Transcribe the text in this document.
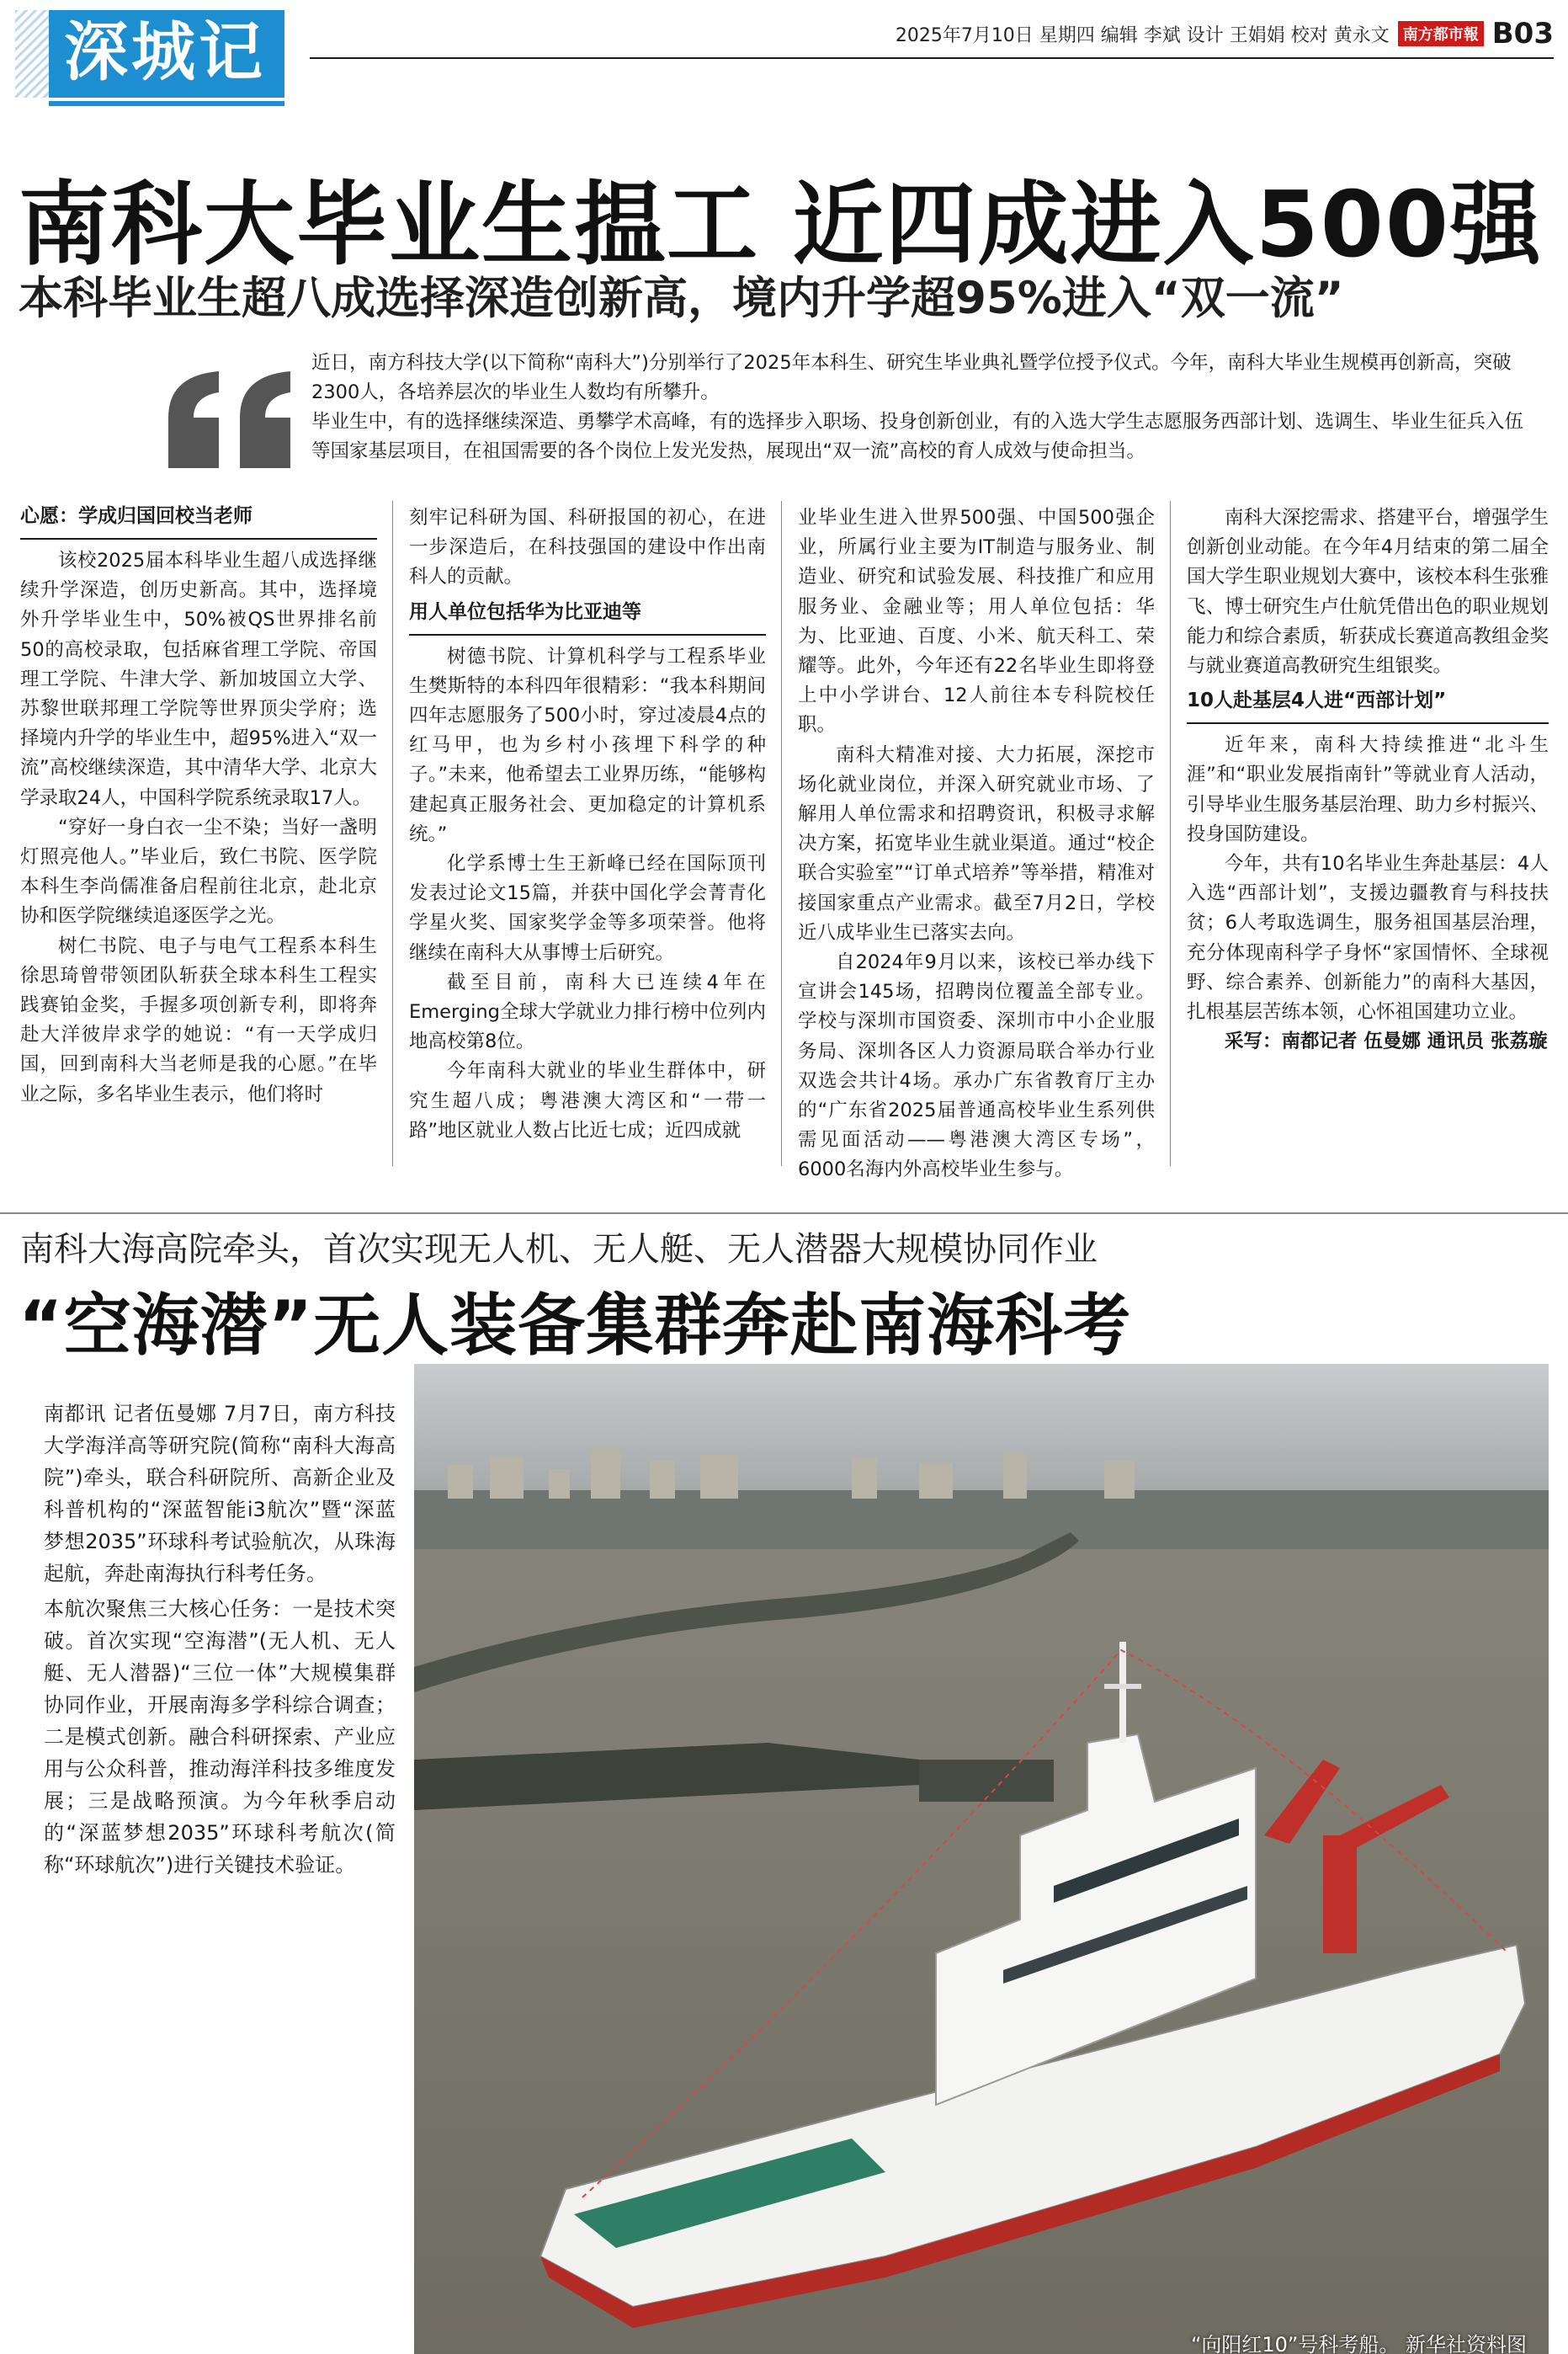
深城记	2025年7月10日 星期四 编辑 李斌 设计 王娟娟 校对 黄永文 南方都市報 B03
南科大毕业生揾工 近四成进入500强
本科毕业生超八成选择深造创新高，境内升学超95%进入“双一流”

近日，南方科技大学(以下简称“南科大”)分别举行了2025年本科生、研究生毕业典礼暨学位授予仪式。今年，南科大毕业生规模再创新高，突破2300人，各培养层次的毕业生人数均有所攀升。

毕业生中，有的选择继续深造、勇攀学术高峰，有的选择步入职场、投身创新创业，有的入选大学生志愿服务西部计划、选调生、毕业生征兵入伍等国家基层项目，在祖国需要的各个岗位上发光发热，展现出“双一流”高校的育人成效与使命担当。

心愿：学成归国回校当老师

该校2025届本科毕业生超八成选择继续升学深造，创历史新高。其中，选择境外升学毕业生中，50%被QS世界排名前50的高校录取，包括麻省理工学院、帝国理工学院、牛津大学、新加坡国立大学、苏黎世联邦理工学院等世界顶尖学府；选择境内升学的毕业生中，超95%进入“双一流”高校继续深造，其中清华大学、北京大学录取24人，中国科学院系统录取17人。

“穿好一身白衣一尘不染；当好一盏明灯照亮他人。”毕业后，致仁书院、医学院本科生李尚儒准备启程前往北京，赴北京协和医学院继续追逐医学之光。

树仁书院、电子与电气工程系本科生徐思琦曾带领团队斩获全球本科生工程实践赛铂金奖，手握多项创新专利，即将奔赴大洋彼岸求学的她说：“有一天学成归国，回到南科大当老师是我的心愿。”在毕业之际，多名毕业生表示，他们将时

刻牢记科研为国、科研报国的初心，在进一步深造后，在科技强国的建设中作出南科人的贡献。

用人单位包括华为比亚迪等

树德书院、计算机科学与工程系毕业生樊斯特的本科四年很精彩：“我本科期间四年志愿服务了500小时，穿过凌晨4点的红马甲，也为乡村小孩埋下科学的种子。”未来，他希望去工业界历练，“能够构建起真正服务社会、更加稳定的计算机系统。”

化学系博士生王新峰已经在国际顶刊发表过论文15篇，并获中国化学会菁青化学星火奖、国家奖学金等多项荣誉。他将继续在南科大从事博士后研究。

截至目前，南科大已连续4年在Emerging全球大学就业力排行榜中位列内地高校第8位。

今年南科大就业的毕业生群体中，研究生超八成；粤港澳大湾区和“一带一路”地区就业人数占比近七成；近四成就

业毕业生进入世界500强、中国500强企业，所属行业主要为IT制造与服务业、制造业、研究和试验发展、科技推广和应用服务业、金融业等；用人单位包括：华为、比亚迪、百度、小米、航天科工、荣耀等。此外，今年还有22名毕业生即将登上中小学讲台、12人前往本专科院校任职。

南科大精准对接、大力拓展，深挖市场化就业岗位，并深入研究就业市场、了解用人单位需求和招聘资讯，积极寻求解决方案，拓宽毕业生就业渠道。通过“校企联合实验室”“订单式培养”等举措，精准对接国家重点产业需求。截至7月2日，学校近八成毕业生已落实去向。

自2024年9月以来，该校已举办线下宣讲会145场，招聘岗位覆盖全部专业。学校与深圳市国资委、深圳市中小企业服务局、深圳各区人力资源局联合举办行业双选会共计4场。承办广东省教育厅主办的“广东省2025届普通高校毕业生系列供需见面活动——粤港澳大湾区专场”，6000名海内外高校毕业生参与。

南科大深挖需求、搭建平台，增强学生创新创业动能。在今年4月结束的第二届全国大学生职业规划大赛中，该校本科生张雅飞、博士研究生卢仕航凭借出色的职业规划能力和综合素质，斩获成长赛道高教组金奖与就业赛道高教研究生组银奖。

10人赴基层4人进“西部计划”

近年来，南科大持续推进“北斗生涯”和“职业发展指南针”等就业育人活动，引导毕业生服务基层治理、助力乡村振兴、投身国防建设。

今年，共有10名毕业生奔赴基层：4人入选“西部计划”，支援边疆教育与科技扶贫；6人考取选调生，服务祖国基层治理，充分体现南科学子身怀“家国情怀、全球视野、综合素养、创新能力”的南科大基因，扎根基层苦练本领，心怀祖国建功立业。

采写：南都记者 伍曼娜 通讯员 张荔璇

“向阳红10”号科考船。 新华社资料图
南科大海高院牵头，首次实现无人机、无人艇、无人潜器大规模协同作业
“空海潜”无人装备集群奔赴南海科考

南都讯 记者伍曼娜 7月7日，南方科技大学海洋高等研究院(简称“南科大海高院”)牵头，联合科研院所、高新企业及科普机构的“深蓝智能i3航次”暨“深蓝梦想2035”环球科考试验航次，从珠海起航，奔赴南海执行科考任务。

本航次聚焦三大核心任务：一是技术突破。首次实现“空海潜”(无人机、无人艇、无人潜器)“三位一体”大规模集群协同作业，开展南海多学科综合调查；二是模式创新。融合科研探索、产业应用与公众科普，推动海洋科技多维度发展；三是战略预演。为今年秋季启动的“深蓝梦想2035”环球科考航次(简称“环球航次”)进行关键技术验证。
